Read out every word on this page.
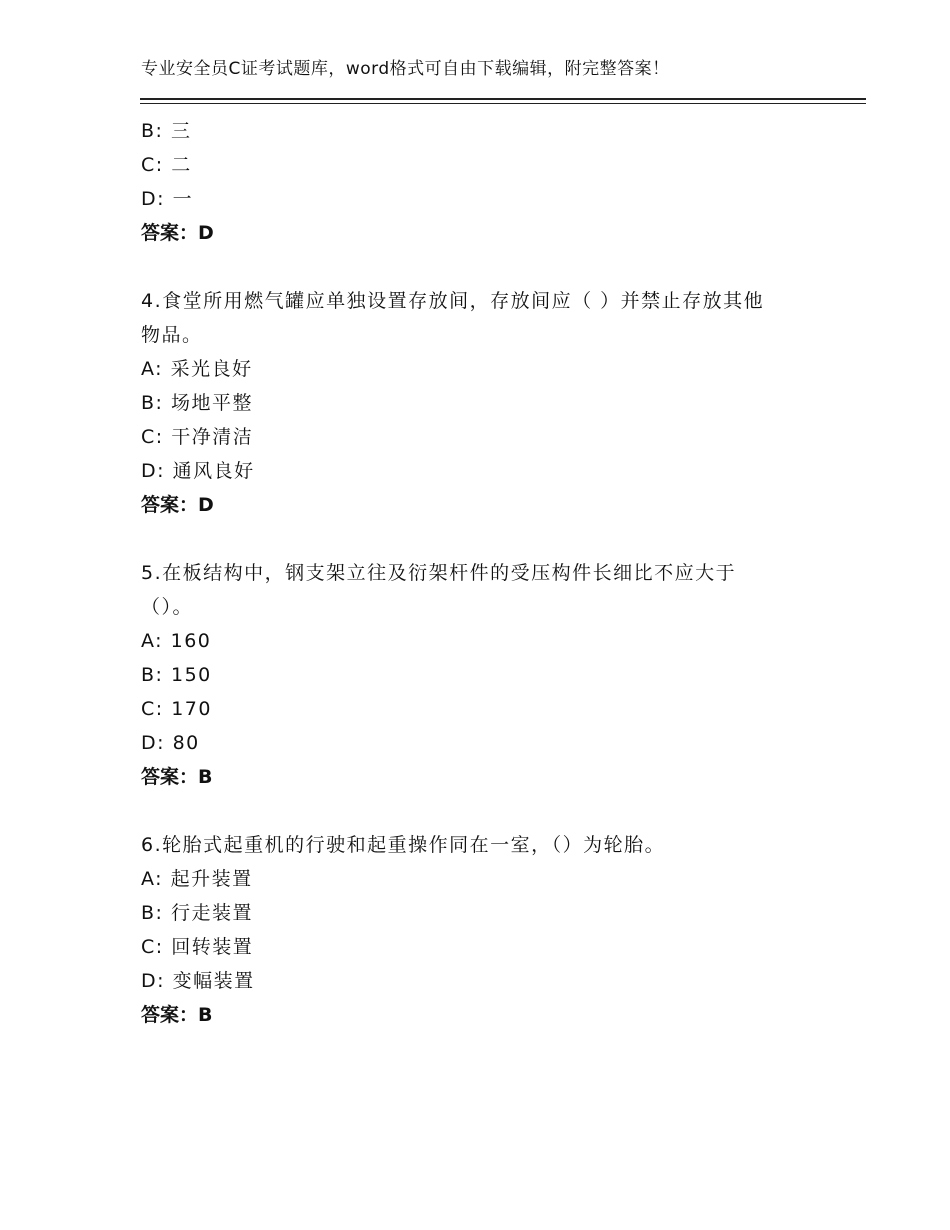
专业安全员C证考试题库，word格式可自由下载编辑，附完整答案！
B: 三
C: 二
D: 一
答案：D
4.食堂所用燃气罐应单独设置存放间，存放间应（ ）并禁止存放其他
物品。
A: 采光良好
B: 场地平整
C: 干净清洁
D: 通风良好
答案：D
5.在板结构中，钢支架立往及衍架杆件的受压构件长细比不应大于
（）。
A: 160
B: 150
C: 170
D: 80
答案：B
6.轮胎式起重机的行驶和起重操作同在一室，（）为轮胎。
A: 起升装置
B: 行走装置
C: 回转装置
D: 变幅装置
答案：B
